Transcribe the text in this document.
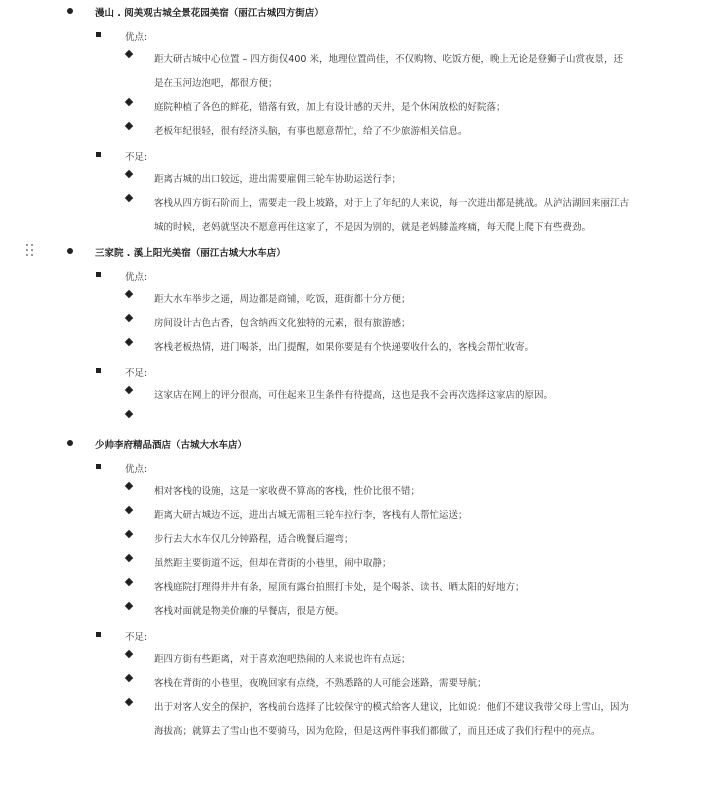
漫山 . 阅美观古城全景花园美宿（丽江古城四方街店）
优点:
距大研古城中心位置 – 四方街仅400 米，地理位置尚佳，不仅购物、吃饭方便，晚上无论是登狮子山赏夜景，还是在玉河边泡吧，都很方便；
庭院种植了各色的鲜花，错落有致，加上有设计感的天井，是个休闲放松的好院落；
老板年纪很轻，很有经济头脑，有事也愿意帮忙，给了不少旅游相关信息。
不足:
距离古城的出口较远，进出需要雇佣三轮车协助运送行李；
客栈从四方街石阶而上，需要走一段上坡路，对于上了年纪的人来说，每一次进出都是挑战。从泸沽湖回来丽江古城的时候，老妈就坚决不愿意再住这家了，不是因为别的，就是老妈膝盖疼痛，每天爬上爬下有些费劲。
三家院 . 溪上阳光美宿（丽江古城大水车店）
优点:
距大水车举步之遥，周边都是商铺，吃饭，逛街都十分方便；
房间设计古色古香，包含纳西文化独特的元素，很有旅游感；
客栈老板热情，进门喝茶，出门提醒，如果你要是有个快递要收什么的，客栈会帮忙收寄。
不足:
这家店在网上的评分很高，可住起来卫生条件有待提高，这也是我不会再次选择这家店的原因。
少帅李府精品酒店（古城大水车店）
优点:
相对客栈的设施，这是一家收费不算高的客栈，性价比很不错；
距离大研古城边不远，进出古城无需租三轮车拉行李，客栈有人帮忙运送；
步行去大水车仅几分钟路程，适合晚餐后遛弯；
虽然距主要街道不远，但却在背街的小巷里，闹中取静；
客栈庭院打理得井井有条，屋顶有露台拍照打卡处，是个喝茶、读书、晒太阳的好地方；
客栈对面就是物美价廉的早餐店，很是方便。
不足:
距四方街有些距离，对于喜欢泡吧热闹的人来说也许有点远；
客栈在背街的小巷里，夜晚回家有点绕，不熟悉路的人可能会迷路，需要导航；
出于对客人安全的保护，客栈前台选择了比较保守的模式给客人建议，比如说：他们不建议我带父母上雪山，因为海拔高；就算去了雪山也不要骑马，因为危险，但是这两件事我们都做了，而且还成了我们行程中的亮点。
